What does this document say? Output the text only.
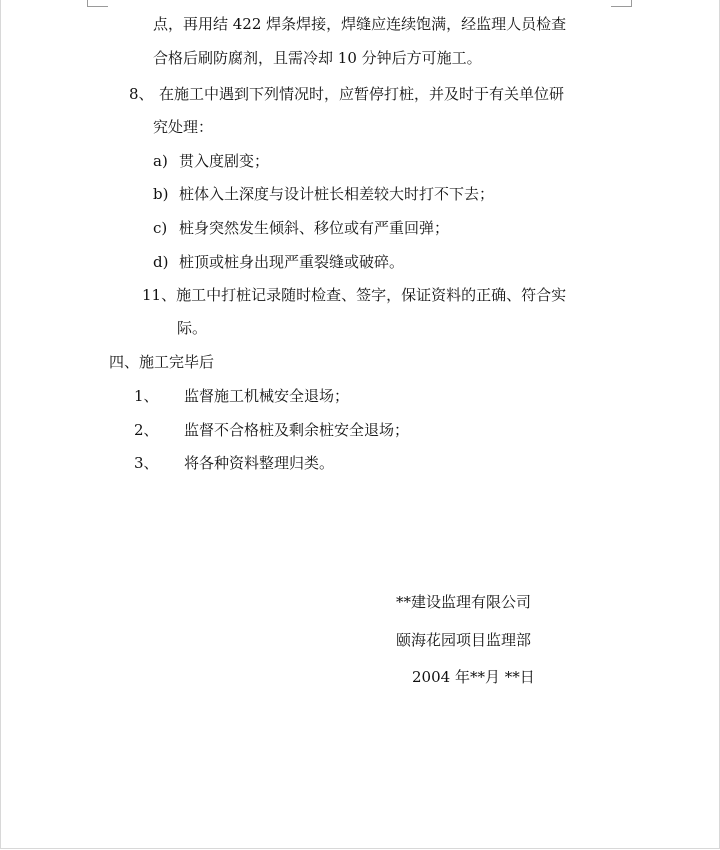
点，再用结 422 焊条焊接，焊缝应连续饱满，经监理人员检查
合格后刷防腐剂，且需冷却 10 分钟后方可施工。
8、 在施工中遇到下列情况时，应暂停打桩，并及时于有关单位研
究处理：
a) 贯入度剧变；
b) 桩体入土深度与设计桩长相差较大时打不下去；
c) 桩身突然发生倾斜、移位或有严重回弹；
d) 桩顶或桩身出现严重裂缝或破碎。
11、施工中打桩记录随时检查、签字，保证资料的正确、符合实
际。
四、施工完毕后
1、 监督施工机械安全退场；
2、 监督不合格桩及剩余桩安全退场；
3、 将各种资料整理归类。
**建设监理有限公司
颐海花园项目监理部
2004 年**月 **日
